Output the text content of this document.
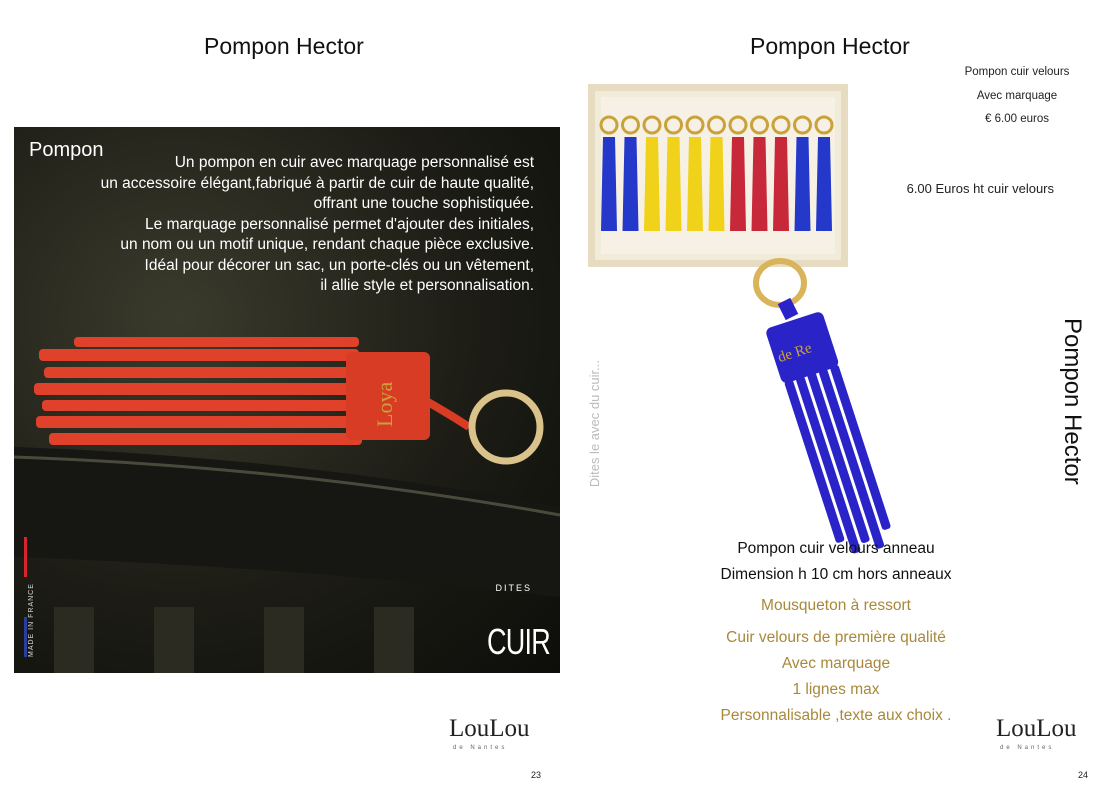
Pompon Hector
Pompon
Un pompon en cuir avec marquage personnalisé est
un accessoire élégant,fabriqué à partir de cuir de haute qualité,
offrant une touche sophistiquée.
Le marquage personnalisé permet d'ajouter des initiales,
un nom ou un motif unique, rendant chaque pièce exclusive.
Idéal pour décorer un sac, un porte-clés ou un vêtement,
il allie style et personnalisation.
Loya
MADE IN FRANCE	DITES
CUIR
LouLou
de Nantes
23
Pompon Hector
Pompon cuir velours
Avec marquage
€ 6.00 euros
6.00 Euros ht cuir velours
de Re
Dites le avec du cuir...
Pompon cuir velours anneau
Dimension h 10 cm hors anneaux
Mousqueton à ressort
Cuir velours de première qualité
Avec marquage
1 lignes max
Personnalisable ,texte aux choix .	LouLou
de Nantes
24
Pompon Hector
